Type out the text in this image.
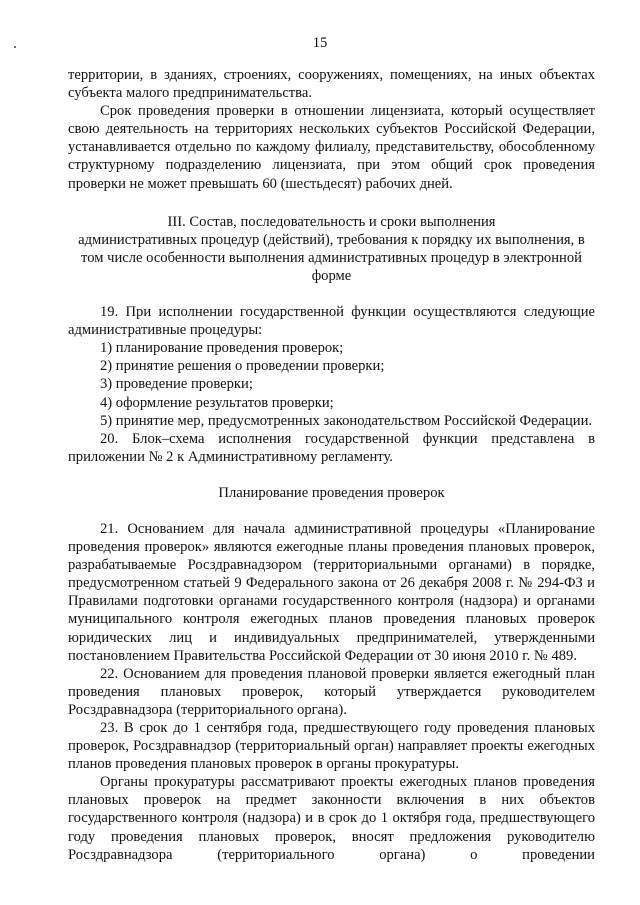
15

территории, в зданиях, строениях, сооружениях, помещениях, на иных объектах субъекта малого предпринимательства.

Срок проведения проверки в отношении лицензиата, который осуществляет свою деятельность на территориях нескольких субъектов Российской Федерации, устанавливается отдельно по каждому филиалу, представительству, обособленному структурному подразделению лицензиата, при этом общий срок проведения проверки не может превышать 60 (шестьдесят) рабочих дней.

III. Состав, последовательность и сроки выполнения
административных процедур (действий), требования к порядку их выполнения, в том числе особенности выполнения административных процедур в электронной форме

19. При исполнении государственной функции осуществляются следующие административные процедуры:

1) планирование проведения проверок;

2) принятие решения о проведении проверки;

3) проведение проверки;

4) оформление результатов проверки;

5) принятие мер, предусмотренных законодательством Российской Федерации.

20. Блок–схема исполнения государственной функции представлена в приложении № 2 к Административному регламенту.

Планирование проведения проверок

21. Основанием для начала административной процедуры «Планирование проведения проверок» являются ежегодные планы проведения плановых проверок, разрабатываемые Росздравнадзором (территориальными органами) в порядке, предусмотренном статьей 9 Федерального закона от 26 декабря 2008 г. № 294-ФЗ и Правилами подготовки органами государственного контроля (надзора) и органами муниципального контроля ежегодных планов проведения плановых проверок юридических лиц и индивидуальных предпринимателей, утвержденными постановлением Правительства Российской Федерации от 30 июня 2010 г. № 489.

22. Основанием для проведения плановой проверки является ежегодный план проведения плановых проверок, который утверждается руководителем Росздравнадзора (территориального органа).

23. В срок до 1 сентября года, предшествующего году проведения плановых проверок, Росздравнадзор (территориальный орган) направляет проекты ежегодных планов проведения плановых проверок в органы прокуратуры.

Органы прокуратуры рассматривают проекты ежегодных планов проведения плановых проверок на предмет законности включения в них объектов государственного контроля (надзора) и в срок до 1 октября года, предшествующего году проведения плановых проверок, вносят предложения руководителю Росздравнадзора (территориального органа) о проведении
